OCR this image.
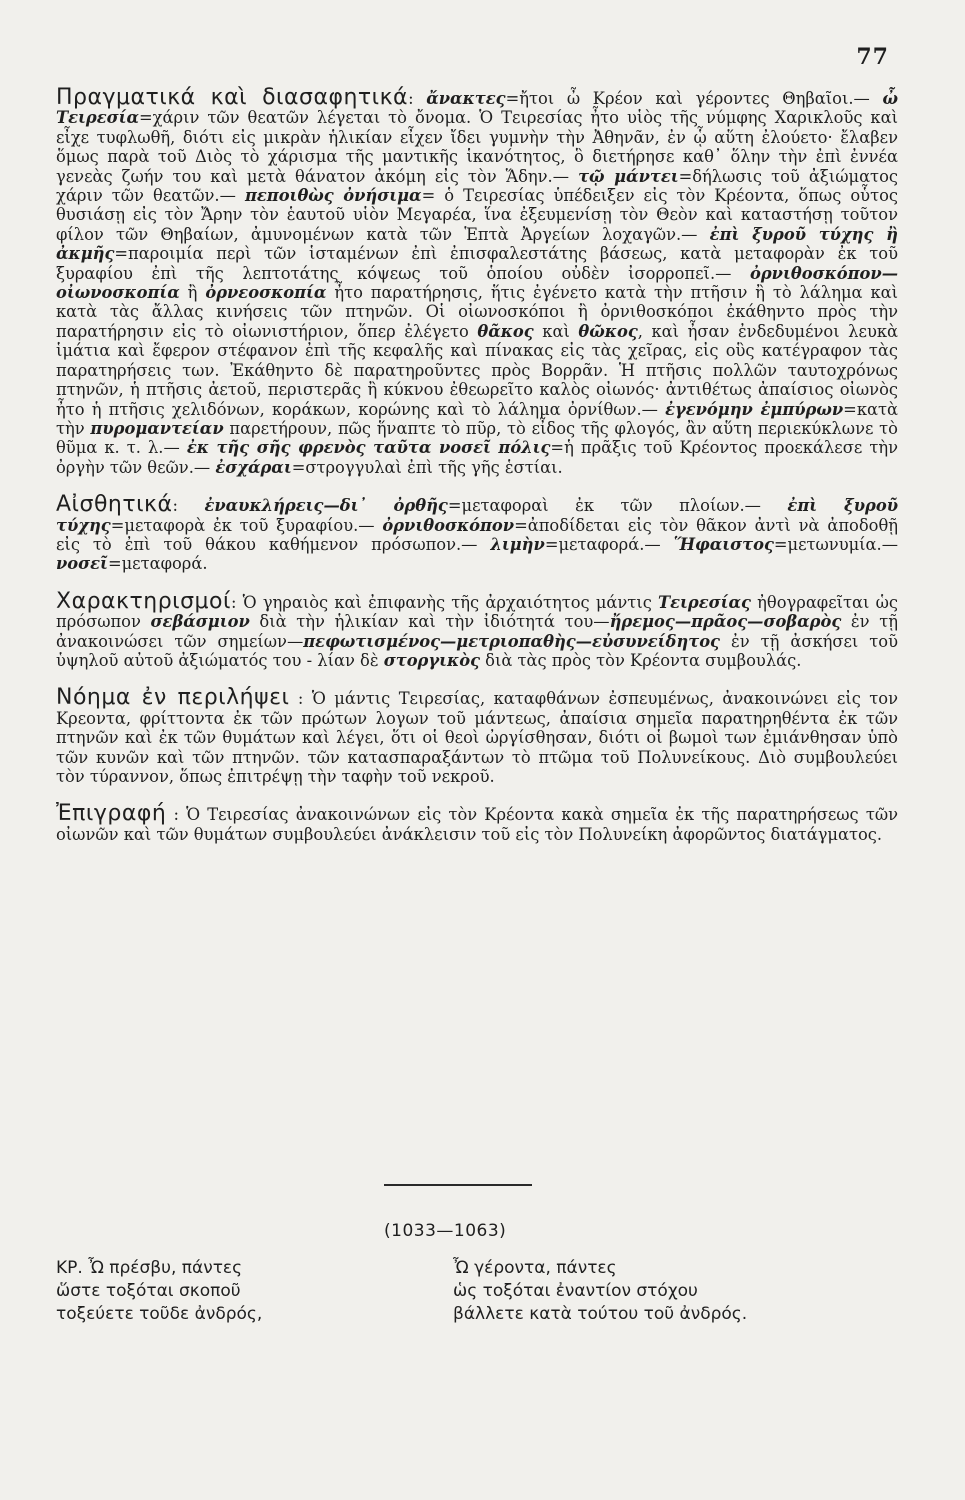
77

Πραγματικά καὶ διασαφητικά: ἄνακτες=ἤτοι ὦ Κρέον καὶ γέροντες Θηβαῖοι.— ὦ Τειρεσία=χάριν τῶν θεατῶν λέγεται τὸ ὄνομα. Ὁ Τειρεσίας ἦτο υἱὸς τῆς νύμφης Χαρικλοῦς καὶ εἶχε τυφλωθῆ, διότι εἰς μικρὰν ἡλικίαν εἶχεν ἴδει γυμνὴν τὴν Ἀθηνᾶν, ἐν ᾧ αὕτη ἐλούετο· ἔλαβεν ὅμως παρὰ τοῦ Διὸς τὸ χάρισμα τῆς μαντικῆς ἱκανότητος, ὃ διετήρησε καθ᾽ ὅλην τὴν ἐπὶ ἐννέα γενεὰς ζωήν του καὶ μετὰ θάνατον ἀκόμη εἰς τὸν Ἅδην.— τῷ μάντει=δήλωσις τοῦ ἀξιώματος χάριν τῶν θεατῶν.— πεποιθὼς ὀνήσιμα= ὁ Τειρεσίας ὑπέδειξεν εἰς τὸν Κρέοντα, ὅπως οὗτος θυσιάσῃ εἰς τὸν Ἄρην τὸν ἑαυτοῦ υἱὸν Μεγαρέα, ἵνα ἐξευμενίσῃ τὸν Θεὸν καὶ καταστήσῃ τοῦτον φίλον τῶν Θηβαίων, ἀμυνομένων κατὰ τῶν Ἑπτὰ Ἀργείων λοχαγῶν.— ἐπὶ ξυροῦ τύχης ἢ ἀκμῆς=παροιμία περὶ τῶν ἱσταμένων ἐπὶ ἐπισφαλεστάτης βάσεως, κατὰ μεταφορὰν ἐκ τοῦ ξυραφίου ἐπὶ τῆς λεπτοτάτης κόψεως τοῦ ὁποίου οὐδὲν ἰσορροπεῖ.— ὀρνιθοσκόπον—οἰωνοσκοπία ἢ ὀρνεοσκοπία ἦτο παρατήρησις, ἥτις ἐγένετο κατὰ τὴν πτῆσιν ἢ τὸ λάλημα καὶ κατὰ τὰς ἄλλας κινήσεις τῶν πτηνῶν. Οἱ οἰωνοσκόποι ἢ ὀρνιθοσκόποι ἐκάθηντο πρὸς τὴν παρατήρησιν εἰς τὸ οἰωνιστήριον, ὅπερ ἐλέγετο θᾶκος καὶ θῶκος, καὶ ἦσαν ἐνδεδυμένοι λευκὰ ἱμάτια καὶ ἔφερον στέφανον ἐπὶ τῆς κεφαλῆς καὶ πίνακας εἰς τὰς χεῖρας, εἰς οὓς κατέγραφον τὰς παρατηρήσεις των. Ἐκάθηντο δὲ παρατηροῦντες πρὸς Βορρᾶν. Ἡ πτῆσις πολλῶν ταυτοχρόνως πτηνῶν, ἡ πτῆσις ἀετοῦ, περιστερᾶς ἢ κύκνου ἐθεωρεῖτο καλὸς οἰωνός· ἀντιθέτως ἀπαίσιος οἰωνὸς ἦτο ἡ πτῆσις χελιδόνων, κοράκων, κορώνης καὶ τὸ λάλημα ὀρνίθων.— ἐγενόμην ἐμπύρων=κατὰ τὴν πυρομαντείαν παρετήρουν, πῶς ἥναπτε τὸ πῦρ, τὸ εἶδος τῆς φλογός, ἂν αὕτη περιεκύκλωνε τὸ θῦμα κ. τ. λ.— ἐκ τῆς σῆς φρενὸς ταῦτα νοσεῖ πόλις=ἡ πρᾶξις τοῦ Κρέοντος προεκάλεσε τὴν ὀργὴν τῶν θεῶν.— ἐσχάραι=στρογγυλαὶ ἐπὶ τῆς γῆς ἑστίαι.

Αἰσθητικά: ἐναυκλήρεις—δι᾽ ὀρθῆς=μεταφοραὶ ἐκ τῶν πλοίων.— ἐπὶ ξυροῦ τύχης=μεταφορὰ ἐκ τοῦ ξυραφίου.— ὀρνιθοσκόπον=ἀποδίδεται εἰς τὸν θᾶκον ἀντὶ νὰ ἀποδοθῇ εἰς τὸ ἐπὶ τοῦ θάκου καθήμενον πρόσωπον.— λιμὴν=μεταφορά.— Ἥφαιστος=μετωνυμία.— νοσεῖ=μεταφορά.

Χαρακτηρισμοί: Ὁ γηραιὸς καὶ ἐπιφανὴς τῆς ἀρχαιότητος μάντις Τειρεσίας ἠθογραφεῖται ὡς πρόσωπον σεβάσμιον διὰ τὴν ἡλικίαν καὶ τὴν ἰδιότητά του—ἤρεμος—πρᾶος—σοβαρὸς ἐν τῇ ἀνακοινώσει τῶν σημείων—πεφωτισμένος—μετριοπαθὴς—εὐσυνείδητος ἐν τῇ ἀσκήσει τοῦ ὑψηλοῦ αὐτοῦ ἀξιώματός του - λίαν δὲ στοργικὸς διὰ τὰς πρὸς τὸν Κρέοντα συμβουλάς.

Νόημα ἐν περιλήψει : Ὁ μάντις Τειρεσίας, καταφθάνων ἐσπευμένως, ἀνακοινώνει εἰς τον Κρεοντα, φρίττοντα ἐκ τῶν πρώτων λογων τοῦ μάντεως, ἀπαίσια σημεῖα παρατηρηθέντα ἐκ τῶν πτηνῶν καὶ ἐκ τῶν θυμάτων καὶ λέγει, ὅτι οἱ θεοὶ ὠργίσθησαν, διότι οἱ βωμοὶ των ἐμιάνθησαν ὑπὸ τῶν κυνῶν καὶ τῶν πτηνῶν. τῶν κατασπαραξάντων τὸ πτῶμα τοῦ Πολυνείκους. Διὸ συμβουλεύει τὸν τύραννον, ὅπως ἐπιτρέψῃ τὴν ταφὴν τοῦ νεκροῦ.

Ἐπιγραφή : Ὁ Τειρεσίας ἀνακοινώνων εἰς τὸν Κρέοντα κακὰ σημεῖα ἐκ τῆς παρατηρήσεως τῶν οἰωνῶν καὶ τῶν θυμάτων συμβουλεύει ἀνάκλεισιν τοῦ εἰς τὸν Πολυνείκη ἀφορῶντος διατάγματος.

(1033—1063)
ΚΡ. Ὦ πρέσβυ, πάντες
ὥστε τοξόται σκοποῦ
τοξεύετε τοῦδε ἀνδρός,
Ὦ γέροντα, πάντες
ὡς τοξόται ἐναντίον στόχου
βάλλετε κατὰ τούτου τοῦ ἀνδρός.
